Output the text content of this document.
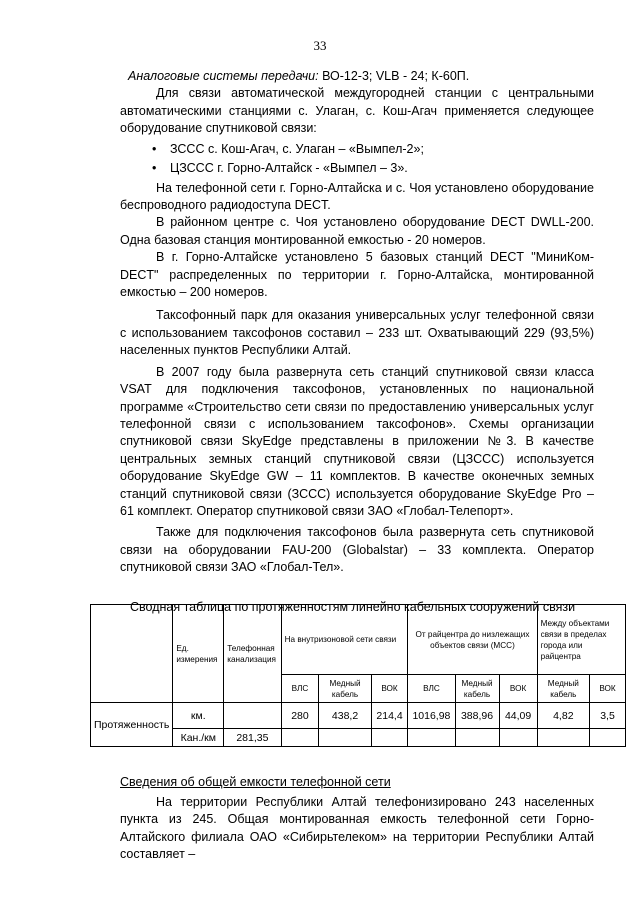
33

Аналоговые системы передачи: ВО-12-3; VLB - 24; К-60П.

Для связи автоматической междугородней станции с центральными автоматическими станциями с. Улаган, с. Кош-Агач применяется следующее оборудование спутниковой связи:

• ЗССС с. Кош-Агач, с. Улаган – «Вымпел-2»;
• ЦЗССС г. Горно-Алтайск - «Вымпел – 3».

На телефонной сети г. Горно-Алтайска и с. Чоя установлено оборудование беспроводного радиодоступа DECT.

В районном центре с. Чоя установлено оборудование DECT DWLL-200. Одна базовая станция монтированной емкостью - 20 номеров.

В г. Горно-Алтайске установлено 5 базовых станций DECT "МиниКом-DECT" распределенных по территории г. Горно-Алтайска, монтированной емкостью – 200 номеров.

Таксофонный парк для оказания универсальных услуг телефонной связи с использованием таксофонов составил – 233 шт. Охватывающий 229 (93,5%) населенных пунктов Республики Алтай.

В 2007 году была развернута сеть станций спутниковой связи класса VSAT для подключения таксофонов, установленных по национальной программе «Строительство сети связи по предоставлению универсальных услуг телефонной связи с использованием таксофонов». Схемы организации спутниковой связи SkyEdge представлены в приложении №3. В качестве центральных земных станций спутниковой связи (ЦЗССС) используется оборудование SkyEdge GW – 11 комплектов. В качестве оконечных земных станций спутниковой связи (ЗССС) используется оборудование SkyEdge Pro – 61 комплект. Оператор спутниковой связи ЗАО «Глобал-Телепорт».

Также для подключения таксофонов была развернута сеть спутниковой связи на оборудовании FAU-200 (Globalstar) – 33 комплекта. Оператор спутниковой связи ЗАО «Глобал-Тел».

Сводная таблица по протяженностям линейно кабельных сооружений связи
	Ед. измерения	Телефонная канализация	На внутризоновой сети связи			От райцентра до низлежащих объектов связи (МСС)			Между объектами связи в пределах города или райцентра	
			ВЛС	Медный кабель	ВОК	ВЛС	Медный кабель	ВОК	Медный кабель	ВОК
Протяженность	км.		280	438,2	214,4	1016,98	388,96	44,09	4,82	3,5
	Кан./км	281,35								
Сведения об общей емкости телефонной сети

На территории Республики Алтай телефонизировано 243 населенных пункта из 245. Общая монтированная емкость телефонной сети Горно-Алтайского филиала ОАО «Сибирьтелеком» на территории Республики Алтай составляет –
